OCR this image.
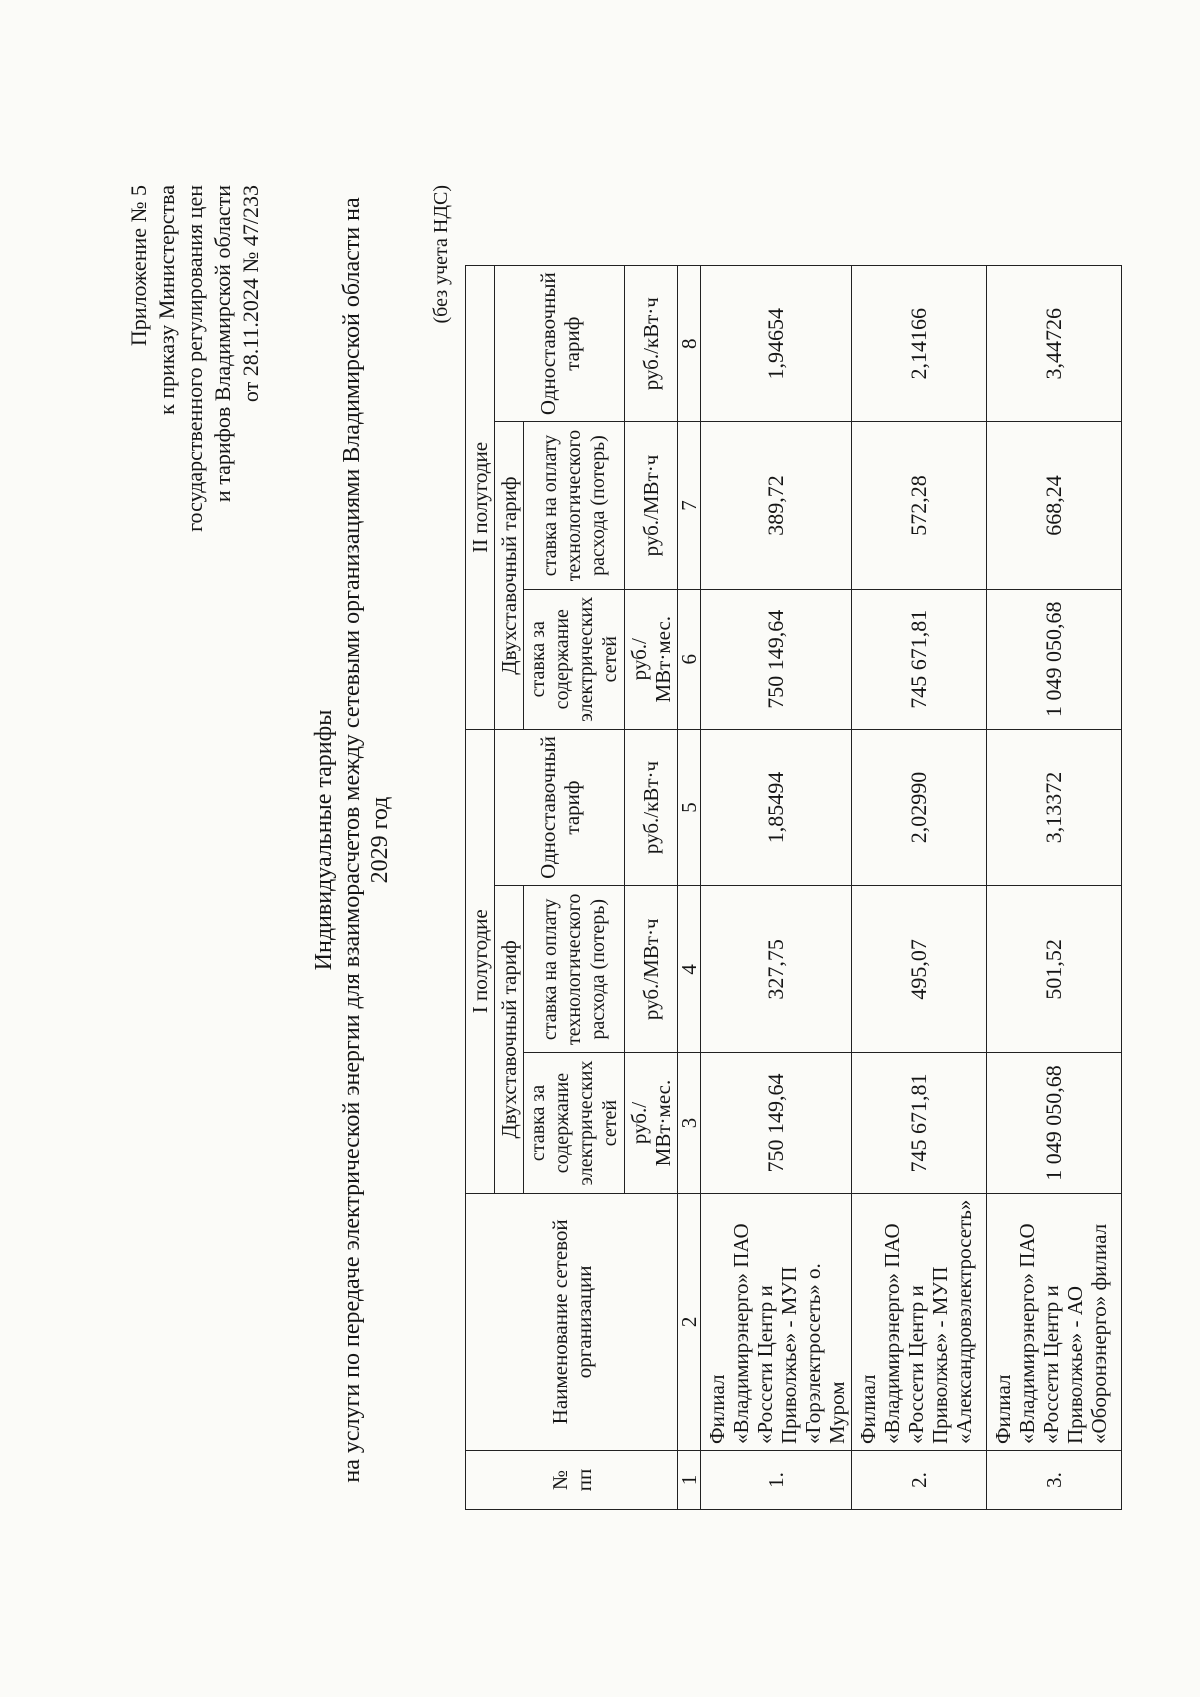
Приложение № 5 к приказу Министерства государственного регулирования цен и тарифов Владимирской области от 28.11.2024 № 47/233
Индивидуальные тарифы на услуги по передаче электрической энергии для взаиморасчетов между сетевыми организациями Владимирской области на 2029 год
(без учета НДС)
№ пп	Наименование сетевой организации	I полугодие			II полугодие		
		Двухставочный тариф		Одноставочный тариф	Двухставочный тариф		Одноставочный тариф
		ставка за содержание электрических сетей	ставка на оплату технологического расхода (потерь)		ставка за содержание электрических сетей	ставка на оплату технологического расхода (потерь)	
		руб./МВт·мес.	руб./МВт·ч	руб./кВт·ч	руб./МВт·мес.	руб./МВт·ч	руб./кВт·ч
1	2	3	4	5	6	7	8
1.	Филиал «Владимирэнерго» ПАО «Россети Центр и Приволжье» - МУП «Горэлектросеть» о. Муром	750 149,64	327,75	1,85494	750 149,64	389,72	1,94654
2.	Филиал «Владимирэнерго» ПАО «Россети Центр и Приволжье» - МУП «Александровэлектросеть»	745 671,81	495,07	2,02990	745 671,81	572,28	2,14166
3.	Филиал «Владимирэнерго» ПАО «Россети Центр и Приволжье» - АО «Оборонэнерго» филиал	1 049 050,68	501,52	3,13372	1 049 050,68	668,24	3,44726
